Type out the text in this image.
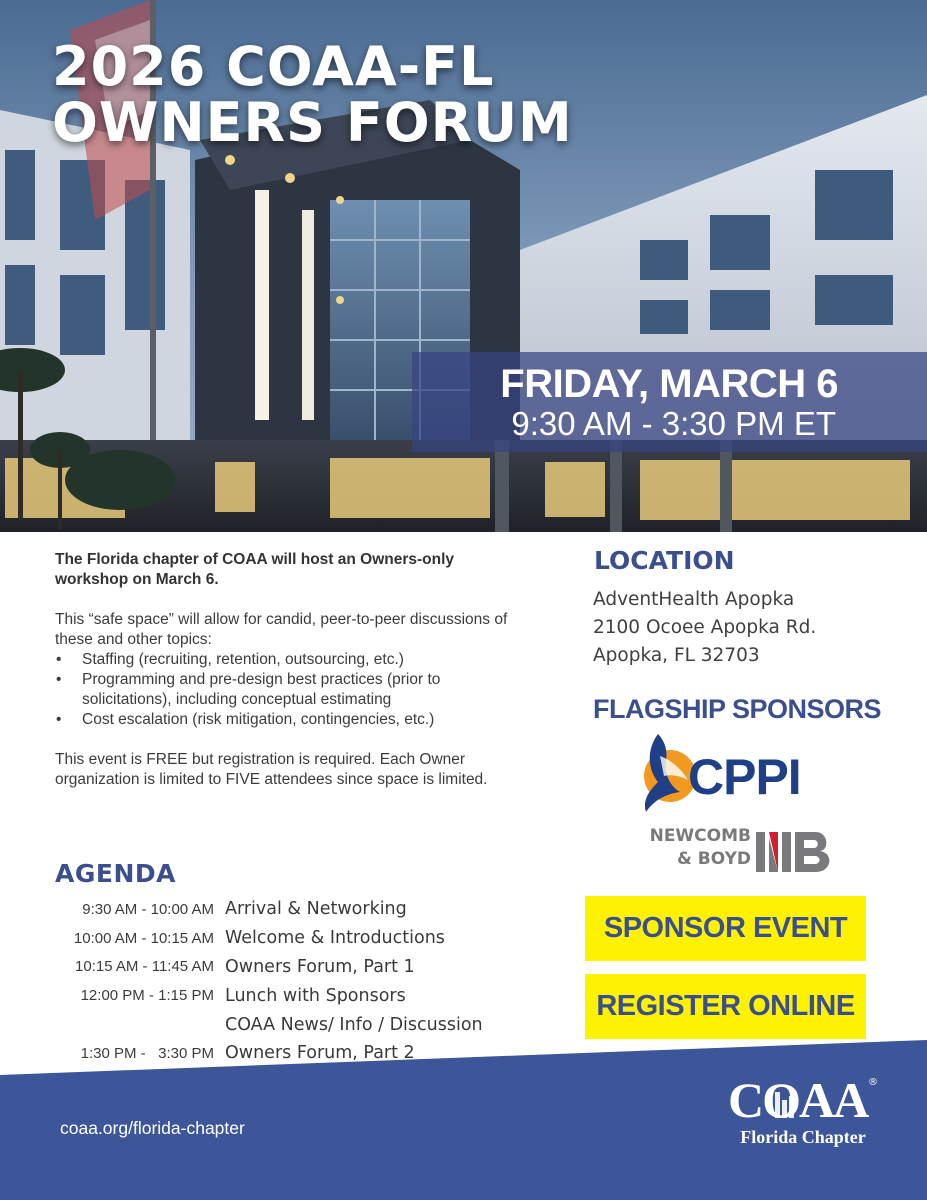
2026 COAA-FL
OWNERS FORUM
FRIDAY, MARCH 6
9:30 AM - 3:30 PM ET

The Florida chapter of COAA will host an Owners-only workshop on March 6.

This “safe space” will allow for candid, peer-to-peer discussions of these and other topics:

• Staffing (recruiting, retention, outsourcing, etc.)
• Programming and pre-design best practices (prior to solicitations), including conceptual estimating
• Cost escalation (risk mitigation, contingencies, etc.)

This event is FREE but registration is required. Each Owner organization is limited to FIVE attendees since space is limited.

AGENDA
9:30 AM - 10:00 AM Arrival & Networking
10:00 AM - 10:15 AM Welcome & Introductions
10:15 AM - 11:45 AM Owners Forum, Part 1
12:00 PM - 1:15 PM Lunch with Sponsors
COAA News/ Info / Discussion
1:30 PM -   3:30 PM Owners Forum, Part 2
LOCATION
AdventHealth Apopka
2100 Ocoee Apopka Rd.
Apopka, FL 32703
FLAGSHIP SPONSORS
CPPI
NEWCOMB
& BOYD
SPONSOR EVENT
REGISTER ONLINE
coaa.org/florida-chapter	COAA ®
Florida Chapter
